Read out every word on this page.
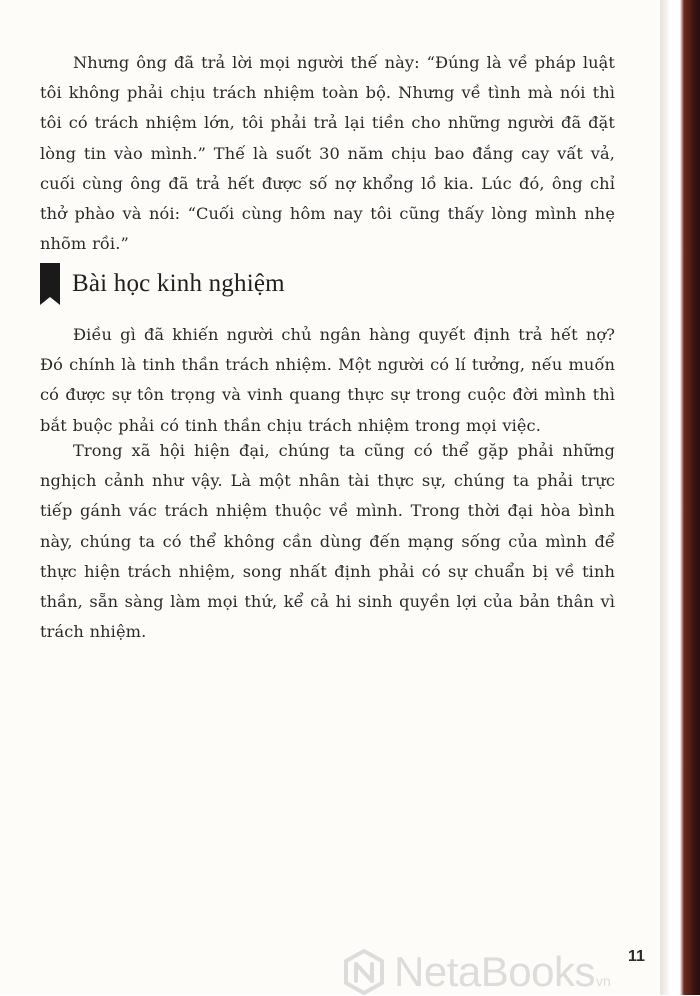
Nhưng ông đã trả lời mọi người thế này: “Đúng là về pháp luật tôi không phải chịu trách nhiệm toàn bộ. Nhưng về tình mà nói thì tôi có trách nhiệm lớn, tôi phải trả lại tiền cho những người đã đặt lòng tin vào mình.” Thế là suốt 30 năm chịu bao đắng cay vất vả, cuối cùng ông đã trả hết được số nợ khổng lồ kia. Lúc đó, ông chỉ thở phào và nói: “Cuối cùng hôm nay tôi cũng thấy lòng mình nhẹ nhõm rồi.”

Bài học kinh nghiệm

Điều gì đã khiến người chủ ngân hàng quyết định trả hết nợ? Đó chính là tinh thần trách nhiệm. Một người có lí tưởng, nếu muốn có được sự tôn trọng và vinh quang thực sự trong cuộc đời mình thì bắt buộc phải có tinh thần chịu trách nhiệm trong mọi việc.

Trong xã hội hiện đại, chúng ta cũng có thể gặp phải những nghịch cảnh như vậy. Là một nhân tài thực sự, chúng ta phải trực tiếp gánh vác trách nhiệm thuộc về mình. Trong thời đại hòa bình này, chúng ta có thể không cần dùng đến mạng sống của mình để thực hiện trách nhiệm, song nhất định phải có sự chuẩn bị về tinh thần, sẵn sàng làm mọi thứ, kể cả hi sinh quyền lợi của bản thân vì trách nhiệm.

NetaBooks vn
11
